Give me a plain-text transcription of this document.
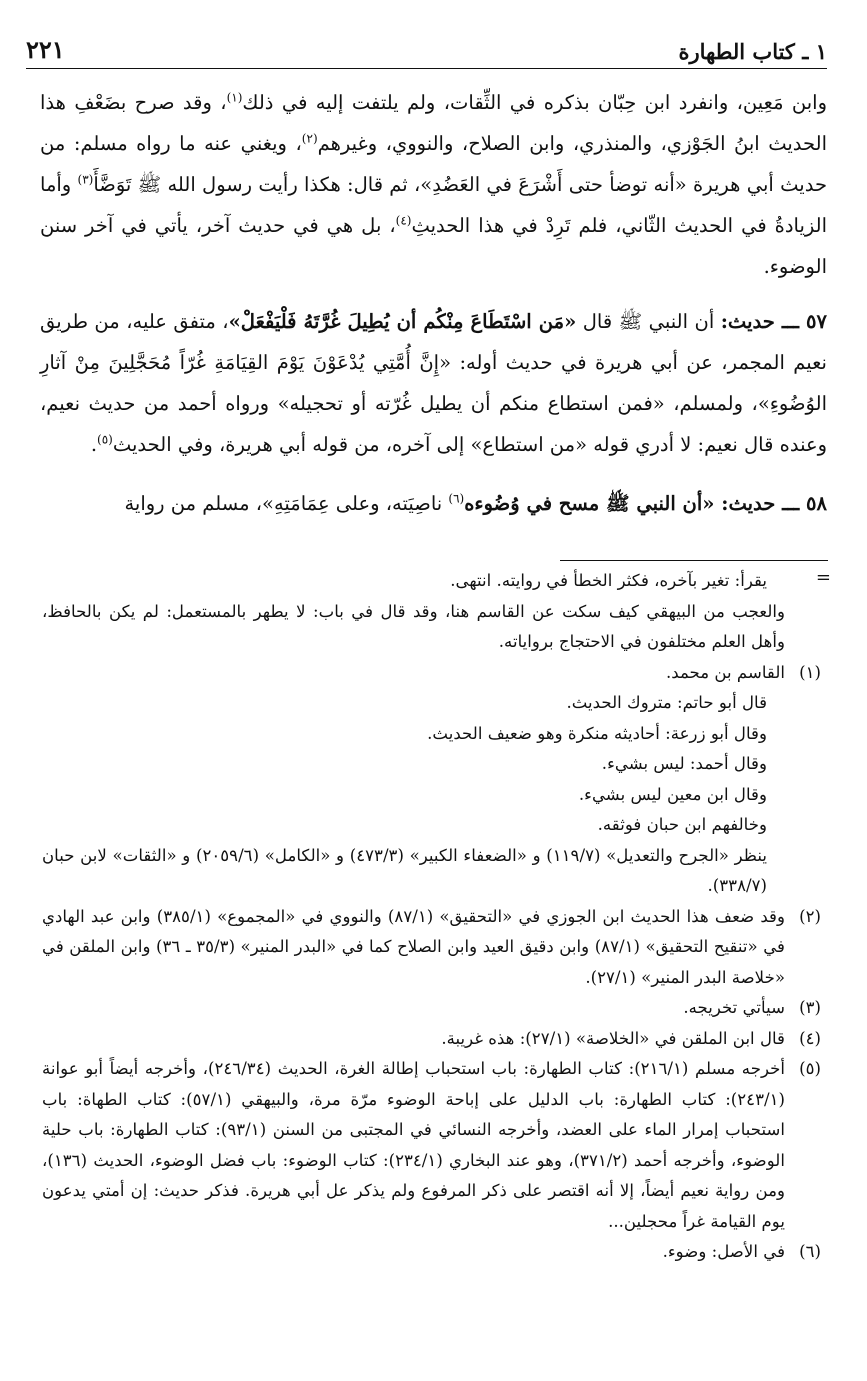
١ ـ كتاب الطهارة
٢٢١

وابن مَعِين، وانفرد ابن حِبّان بذكره في الثِّقات، ولم يلتفت إليه في ذلك$^{(١)}$، وقد صرح بضَعْفِ هذا الحديث ابنُ الجَوْزي، والمنذري، وابن الصلاح، والنووي، وغيرهم$^{(٢)}$، ويغني عنه ما رواه مسلم: من حديث أبي هريرة «أنه توضأ حتى أَشْرَعَ في العَضُدِ»، ثم قال: هكذا رأيت رسول الله ﷺ تَوَضَّأَ$^{(٣)}$ وأما الزيادةُ في الحديث الثّاني، فلم تَرِدْ في هذا الحديثِ$^{(٤)}$، بل هي في حديث آخر، يأتي في آخر سنن الوضوء.

٥٧ ـــ حديث: أن النبي ﷺ قال «مَن اسْتَطَاعَ مِنْكُم أن يُطِيلَ غُرَّتَهُ فَلْيَفْعَلْ»، متفق عليه، من طريق نعيم المجمر، عن أبي هريرة في حديث أوله: «إِنَّ أُمَّتِي يُدْعَوْنَ يَوْمَ القِيَامَةِ غُرّاً مُحَجَّلِينَ مِنْ آثارِ الوُضُوءِ»، ولمسلم، «فمن استطاع منكم أن يطيل غُرّته أو تحجيله» ورواه أحمد من حديث نعيم، وعنده قال نعيم: لا أدري قوله «من استطاع» إلى آخره، من قوله أبي هريرة، وفي الحديث$^{(٥)}$.

٥٨ ـــ حديث: «أن النبي ﷺ مسح في وُضُوءه$^{(٦)}$ ناصِيَته، وعلى عِمَامَتِهِ»، مسلم من رواية

=
يقرأ: تغير بآخره، فكثر الخطأ في روايته. انتهى.
والعجب من البيهقي كيف سكت عن القاسم هنا، وقد قال في باب: لا يطهر بالمستعمل: لم يكن بالحافظ، وأهل العلم مختلفون في الاحتجاج برواياته.
(١)
القاسم بن محمد.
قال أبو حاتم: متروك الحديث.
وقال أبو زرعة: أحاديثه منكرة وهو ضعيف الحديث.
وقال أحمد: ليس بشيء.
وقال ابن معين ليس بشيء.
وخالفهم ابن حبان فوثقه.
ينظر «الجرح والتعديل» (١١٩/٧) و «الضعفاء الكبير» (٤٧٣/٣) و «الكامل» (٢٠٥٩/٦) و «الثقات» لابن حبان (٣٣٨/٧).
(٢)
وقد ضعف هذا الحديث ابن الجوزي في «التحقيق» (٨٧/١) والنووي في «المجموع» (٣٨٥/١) وابن عبد الهادي في «تنقيح التحقيق» (٨٧/١) وابن دقيق العيد وابن الصلاح كما في «البدر المنير» (٣٥/٣ ـ ٣٦) وابن الملقن في «خلاصة البدر المنير» (٢٧/١).
(٣)
سيأتي تخريجه.
(٤)
قال ابن الملقن في «الخلاصة» (٢٧/١): هذه غريبة.
(٥)
أخرجه مسلم (٢١٦/١): كتاب الطهارة: باب استحباب إطالة الغرة، الحديث (٢٤٦/٣٤)، وأخرجه أيضاً أبو عوانة (٢٤٣/١): كتاب الطهارة: باب الدليل على إباحة الوضوء مرّة مرة، والبيهقي (٥٧/١): كتاب الطهاة: باب استحباب إمرار الماء على العضد، وأخرجه النسائي في المجتبى من السنن (٩٣/١): كتاب الطهارة: باب حلية الوضوء، وأخرجه أحمد (٣٧١/٢)، وهو عند البخاري (٢٣٤/١): كتاب الوضوء: باب فضل الوضوء، الحديث (١٣٦)، ومن رواية نعيم أيضاً، إلا أنه اقتصر على ذكر المرفوع ولم يذكر عل أبي هريرة. فذكر حديث: إن أمتي يدعون يوم القيامة غراً محجلين...
(٦)
في الأصل: وضوء.
